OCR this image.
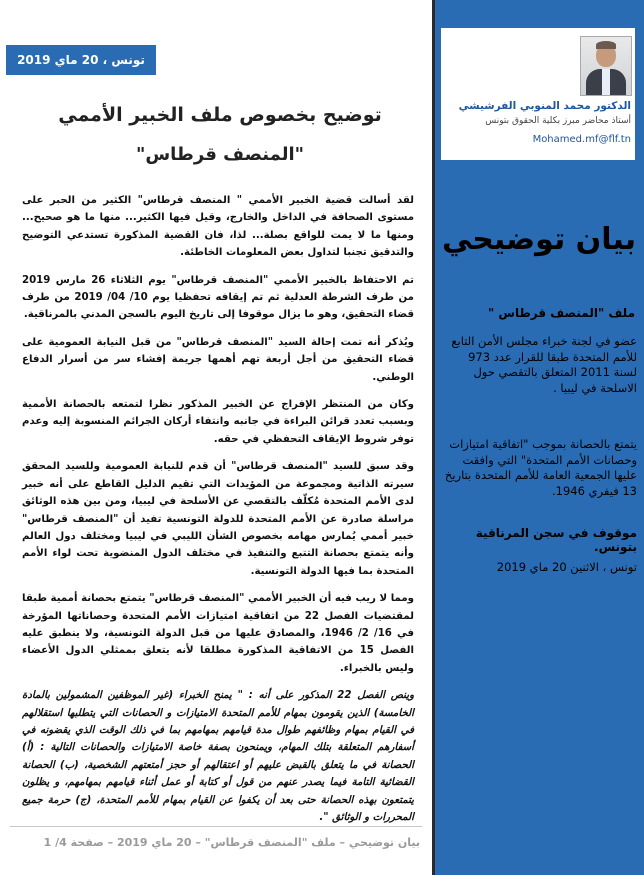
تونس ، 20 ماي 2019
توضيح بخصوص ملف الخبير الأممي
"المنصف قرطاس"

لقد أسالت قضية الخبير الأممي " المنصف قرطاس" الكثير من الحبر على مستوى الصحافة في الداخل والخارج، وقيل فيها الكثير... منها ما هو صحيح... ومنها ما لا يمت للواقع بصلة... لذا، فان القضية المذكورة تستدعي التوضيح والتدقيق تجنبا لتداول بعض المعلومات الخاطئة.

تم الاحتفاظ بالخبير الأممي "المنصف قرطاس" يوم الثلاثاء 26 مارس 2019 من طرف الشرطة العدلية ثم تم إيقافه تحفظيا يوم 10/ 04/ 2019 من طرف قضاء التحقيق، وهو ما يزال موقوفا إلى تاريخ اليوم بالسجن المدني بالمرناقية.

ويُذكر أنه تمت إحالة السيد "المنصف قرطاس" من قبل النيابة العمومية على قضاء التحقيق من أجل أربعة تهم أهمها جريمة إفشاء سر من أسرار الدفاع الوطني.

وكان من المنتظر الإفراج عن الخبير المذكور نظرا لتمتعه بالحصانة الأممية وبسبب تعدد قرائن البراءة في جانبه وانتفاء أركان الجرائم المنسوبة إليه وعدم توفر شروط الإيقاف التحفظي في حقه.

وقد سبق للسيد "المنصف قرطاس" أن قدم للنيابة العمومية وللسيد المحقق سيرته الذاتية ومجموعة من المؤيدات التي تقيم الدليل القاطع على أنه خبير لدى الأمم المتحدة مُكلّف بالتقصي عن الأسلحة في ليبيا، ومن بين هذه الوثائق مراسلة صادرة عن الأمم المتحدة للدولة التونسية تفيد أن "المنصف قرطاس" خبير أممي يُمارس مهامه بخصوص الشأن الليبي في ليبيا ومختلف دول العالم وأنه يتمتع بحصانة التتبع والتنفيذ في مختلف الدول المنضوية تحت لواء الأمم المتحدة بما فيها الدولة التونسية.

ومما لا ريب فيه أن الخبير الأممي "المنصف قرطاس" يتمتع بحصانة أممية طبقا لمقتضيات الفصل 22 من اتفاقية امتيازات الأمم المتحدة وحصاناتها المؤرخة في 16/ 2/ 1946، والمصادق عليها من قبل الدولة التونسية، ولا ينطبق عليه الفصل 15 من الاتفاقية المذكورة مطلقا لأنه يتعلق بممثلي الدول الأعضاء وليس بالخبراء.

وينص الفصل 22 المذكور على أنه : " يمنح الخبراء (غير الموظفين المشمولين بالمادة الخامسة) الذين يقومون بمهام للأمم المتحدة الامتيازات و الحصانات التي يتطلبها استقلالهم في القيام بمهام وظائفهم طوال مدة قيامهم بمهامهم بما في ذلك الوقت الذي يقضونه في أسفارهم المتعلقة بتلك المهام، ويمنحون بصفة خاصة الامتيازات والحصانات التالية : (أ) الحصانة في ما يتعلق بالقبض عليهم أو اعتقالهم أو حجز أمتعتهم الشخصية، (ب) الحصانة القضائية التامة فيما يصدر عنهم من قول أو كتابة أو عمل أثناء قيامهم بمهامهم، و يظلون يتمتعون بهذه الحصانة حتى بعد أن يكفوا عن القيام بمهام للأمم المتحدة، (ج) حرمة جميع المحررات و الوثائق ".

بيان توضيحي – ملف "المنصف قرطاس" – 20 ماي 2019 – صفحة 4/ 1
الدكتور محمد المنوبي الفرشيشي
أستاذ محاضر مبرز بكلية الحقوق بتونس
Mohamed.mf@flf.tn
بيان توضيحي
ملف "المنصف قرطاس "
عضو في لجنة خبراء مجلس الأمن التابع للأمم المتحدة طبقا للقرار عدد 973 لسنة 2011 المتعلق بالتقصي حول الاسلحة في ليبيا .
يتمتع بالحصانة بموجب "اتفاقية امتيازات وحصانات الأمم المتحدة" التي وافقت عليها الجمعية العامة للأمم المتحدة بتاريخ 13 فيفري 1946.
موقوف في سجن المرناقية بتونس.
تونس ، الاثنين 20 ماي 2019
